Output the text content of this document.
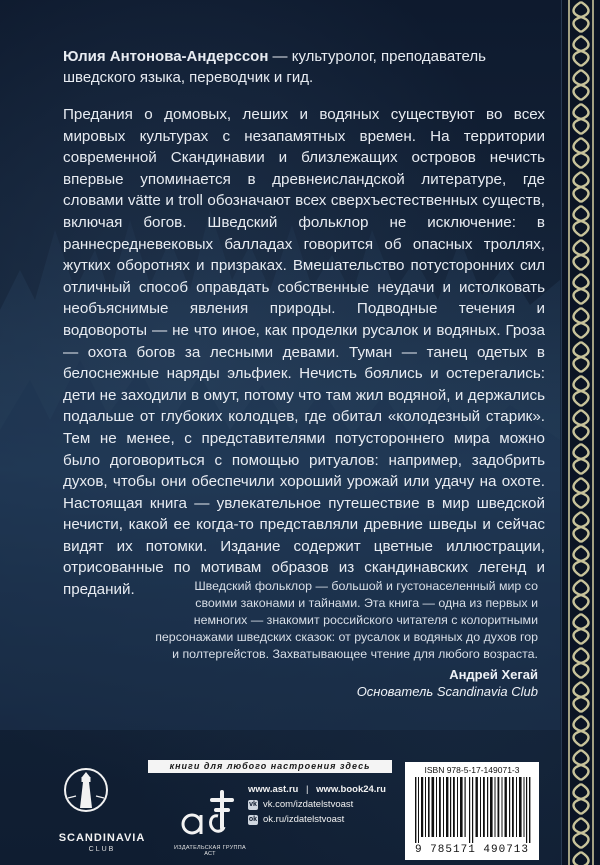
Юлия Антонова-Андерссон — культуролог, преподаватель шведского языка, переводчик и гид.
Предания о домовых, леших и водяных существуют во всех мировых культурах с незапамятных времен. На территории современной Скандинавии и близлежащих островов нечисть впервые упоминается в древнеисландской литературе, где словами vätte и troll обозначают всех сверхъестественных существ, включая богов. Шведский фольклор не исключение: в раннесредневековых балладах говорится об опасных троллях, жутких оборотнях и призраках. Вмешательство потусторонних сил отличный способ оправдать собственные неудачи и истолковать необъяснимые явления природы. Подводные течения и водовороты — не что иное, как проделки русалок и водяных. Гроза — охота богов за лесными девами. Туман — танец одетых в белоснежные наряды эльфиек. Нечисть боялись и остерегались: дети не заходили в омут, потому что там жил водяной, и держались подальше от глубоких колодцев, где обитал «колодезный старик». Тем не менее, с представителями потустороннего мира можно было договориться с помощью ритуалов: например, задобрить духов, чтобы они обеспечили хороший урожай или удачу на охоте. Настоящая книга — увлекательное путешествие в мир шведской нечисти, какой ее когда-то представляли древние шведы и сейчас видят их потомки. Издание содержит цветные иллюстрации, отрисованные по мотивам образов из скандинавских легенд и преданий.	Шведский фольклор — большой и густонаселенный мир со своими законами и тайнами. Эта книга — одна из первых и немногих — знакомит российского читателя с колоритными персонажами шведских сказок: от русалок и водяных до духов гор и полтергейстов. Захватывающее чтение для любого возраста.
Андрей Хегай
Основатель Scandinavia Club
книги для любого настроения здесь
SCANDINAVIA
CLUB	ИЗДАТЕЛЬСКАЯ ГРУППА АСТ
www.ast.ru | www.book24.ru
vk vk.com/izdatelstvoast
ok ok.ru/izdatelstvoast
ISBN 978-5-17-149071-3
9 785171 490713
